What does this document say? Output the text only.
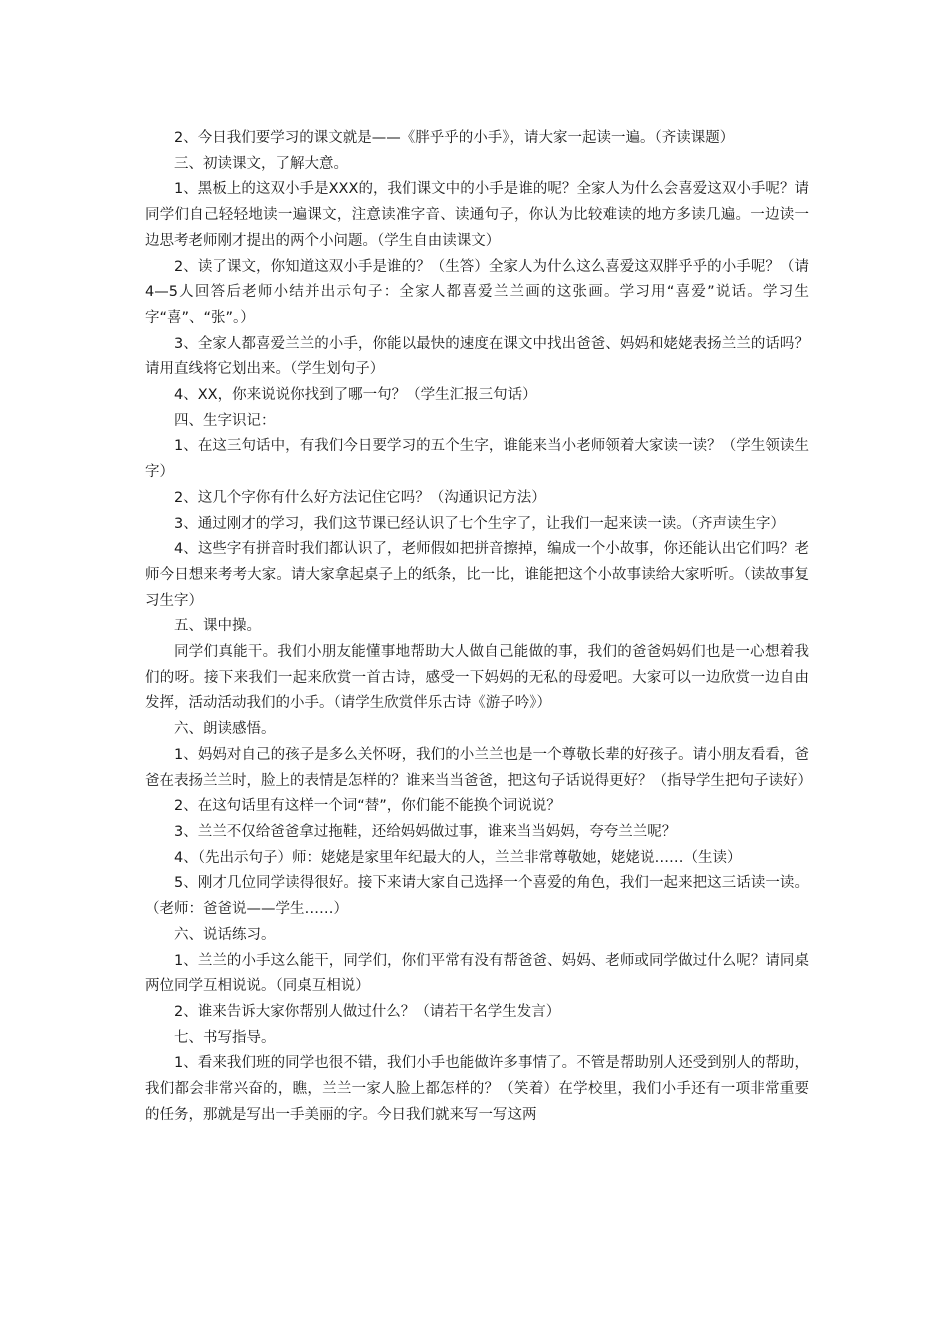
2、今日我们要学习的课文就是——《胖乎乎的小手》，请大家一起读一遍。（齐读课题）

三、初读课文，了解大意。

1、黑板上的这双小手是XXX的，我们课文中的小手是谁的呢？全家人为什么会喜爱这双小手呢？请同学们自己轻轻地读一遍课文，注意读准字音、读通句子，你认为比较难读的地方多读几遍。一边读一边思考老师刚才提出的两个小问题。（学生自由读课文）

2、读了课文，你知道这双小手是谁的？（生答）全家人为什么这么喜爱这双胖乎乎的小手呢？（请4—5人回答后老师小结并出示句子：全家人都喜爱兰兰画的这张画。学习用“喜爱”说话。学习生字“喜”、“张”。）

3、全家人都喜爱兰兰的小手，你能以最快的速度在课文中找出爸爸、妈妈和姥姥表扬兰兰的话吗？请用直线将它划出来。（学生划句子）

4、XX，你来说说你找到了哪一句？（学生汇报三句话）

四、生字识记：

1、在这三句话中，有我们今日要学习的五个生字，谁能来当小老师领着大家读一读？（学生领读生字）

2、这几个字你有什么好方法记住它吗？（沟通识记方法）

3、通过刚才的学习，我们这节课已经认识了七个生字了，让我们一起来读一读。（齐声读生字）

4、这些字有拼音时我们都认识了，老师假如把拼音擦掉，编成一个小故事，你还能认出它们吗？老师今日想来考考大家。请大家拿起桌子上的纸条，比一比，谁能把这个小故事读给大家听听。（读故事复习生字）

五、课中操。

同学们真能干。我们小朋友能懂事地帮助大人做自己能做的事，我们的爸爸妈妈们也是一心想着我们的呀。接下来我们一起来欣赏一首古诗，感受一下妈妈的无私的母爱吧。大家可以一边欣赏一边自由发挥，活动活动我们的小手。（请学生欣赏伴乐古诗《游子吟》）

六、朗读感悟。

1、妈妈对自己的孩子是多么关怀呀，我们的小兰兰也是一个尊敬长辈的好孩子。请小朋友看看，爸爸在表扬兰兰时，脸上的表情是怎样的？谁来当当爸爸，把这句子话说得更好？（指导学生把句子读好）

2、在这句话里有这样一个词“替”，你们能不能换个词说说？

3、兰兰不仅给爸爸拿过拖鞋，还给妈妈做过事，谁来当当妈妈，夸夸兰兰呢？

4、（先出示句子）师：姥姥是家里年纪最大的人，兰兰非常尊敬她，姥姥说……（生读）

5、刚才几位同学读得很好。接下来请大家自己选择一个喜爱的角色，我们一起来把这三话读一读。（老师：爸爸说——学生……）

六、说话练习。

1、兰兰的小手这么能干，同学们，你们平常有没有帮爸爸、妈妈、老师或同学做过什么呢？请同桌两位同学互相说说。（同桌互相说）

2、谁来告诉大家你帮别人做过什么？（请若干名学生发言）

七、书写指导。

1、看来我们班的同学也很不错，我们小手也能做许多事情了。不管是帮助别人还受到别人的帮助，我们都会非常兴奋的，瞧，兰兰一家人脸上都怎样的？（笑着）在学校里，我们小手还有一项非常重要的任务，那就是写出一手美丽的字。今日我们就来写一写这两
